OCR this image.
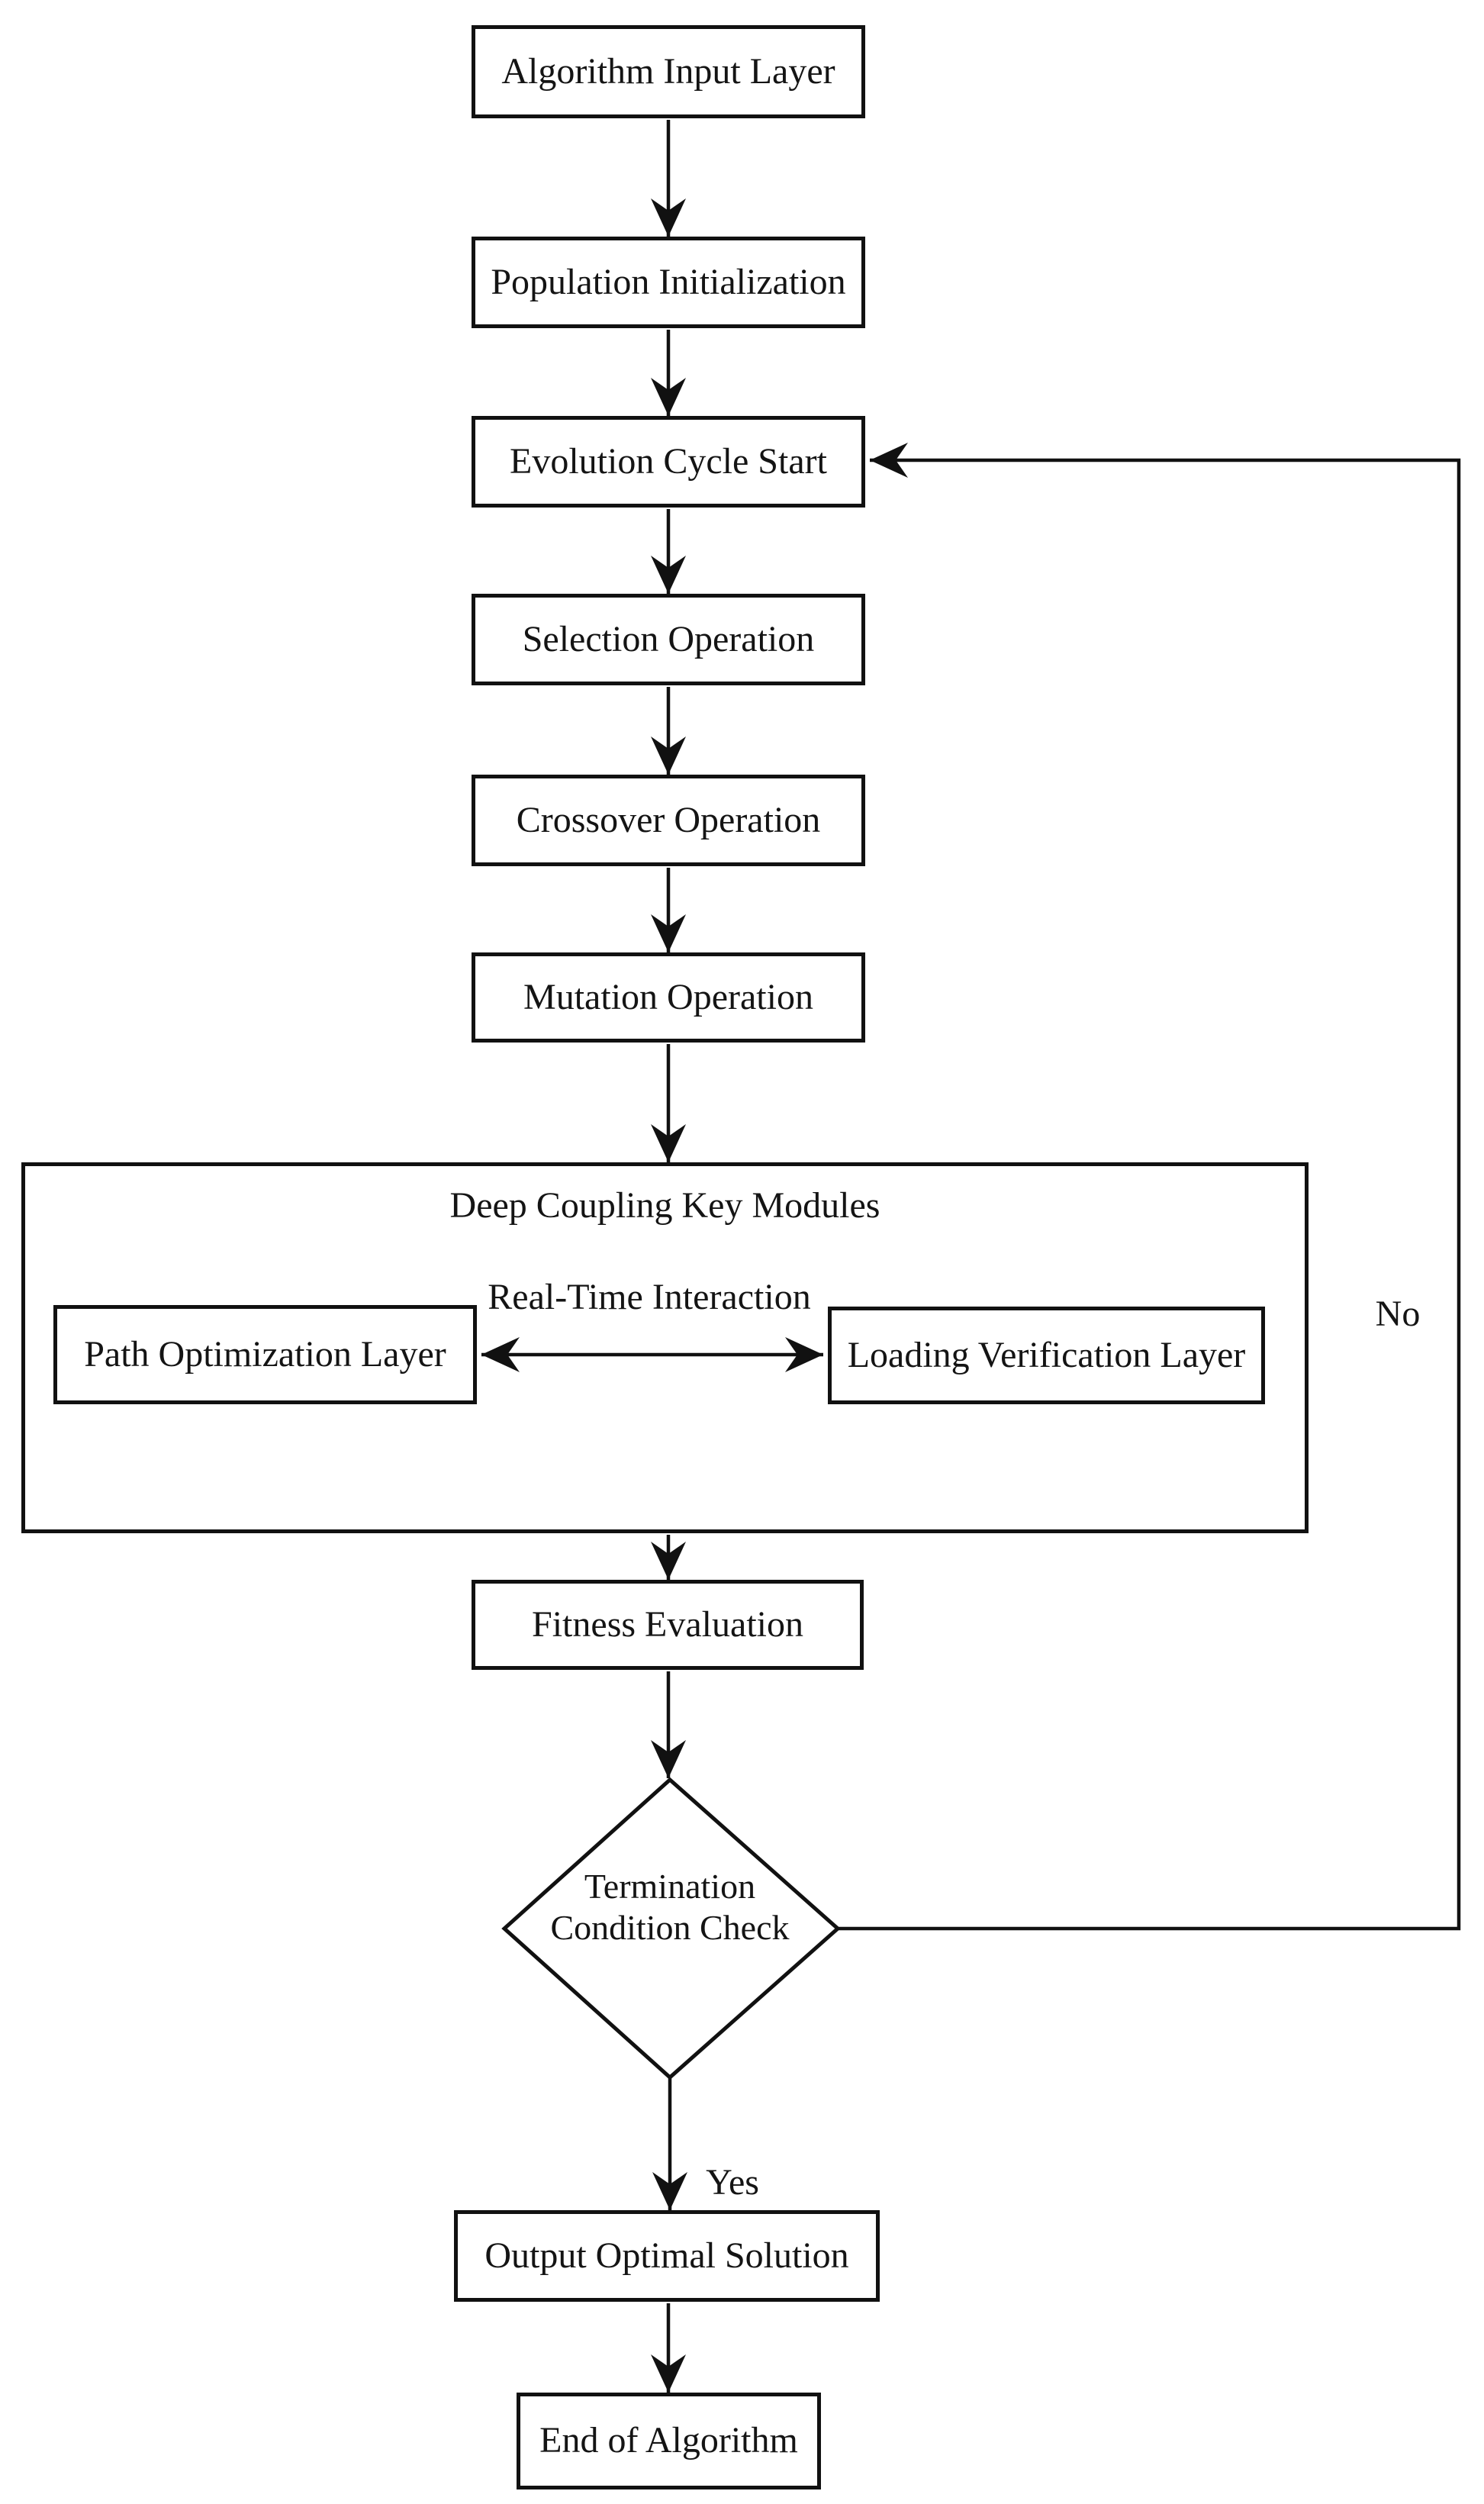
Algorithm Input Layer
Population Initialization
Evolution Cycle Start
Selection Operation
Crossover Operation
Mutation Operation
Deep Coupling Key Modules
Real-Time Interaction
Path Optimization Layer	Loading Verification Layer
Fitness Evaluation
Termination
Condition Check
Yes
No
Output Optimal Solution
End of Algorithm
